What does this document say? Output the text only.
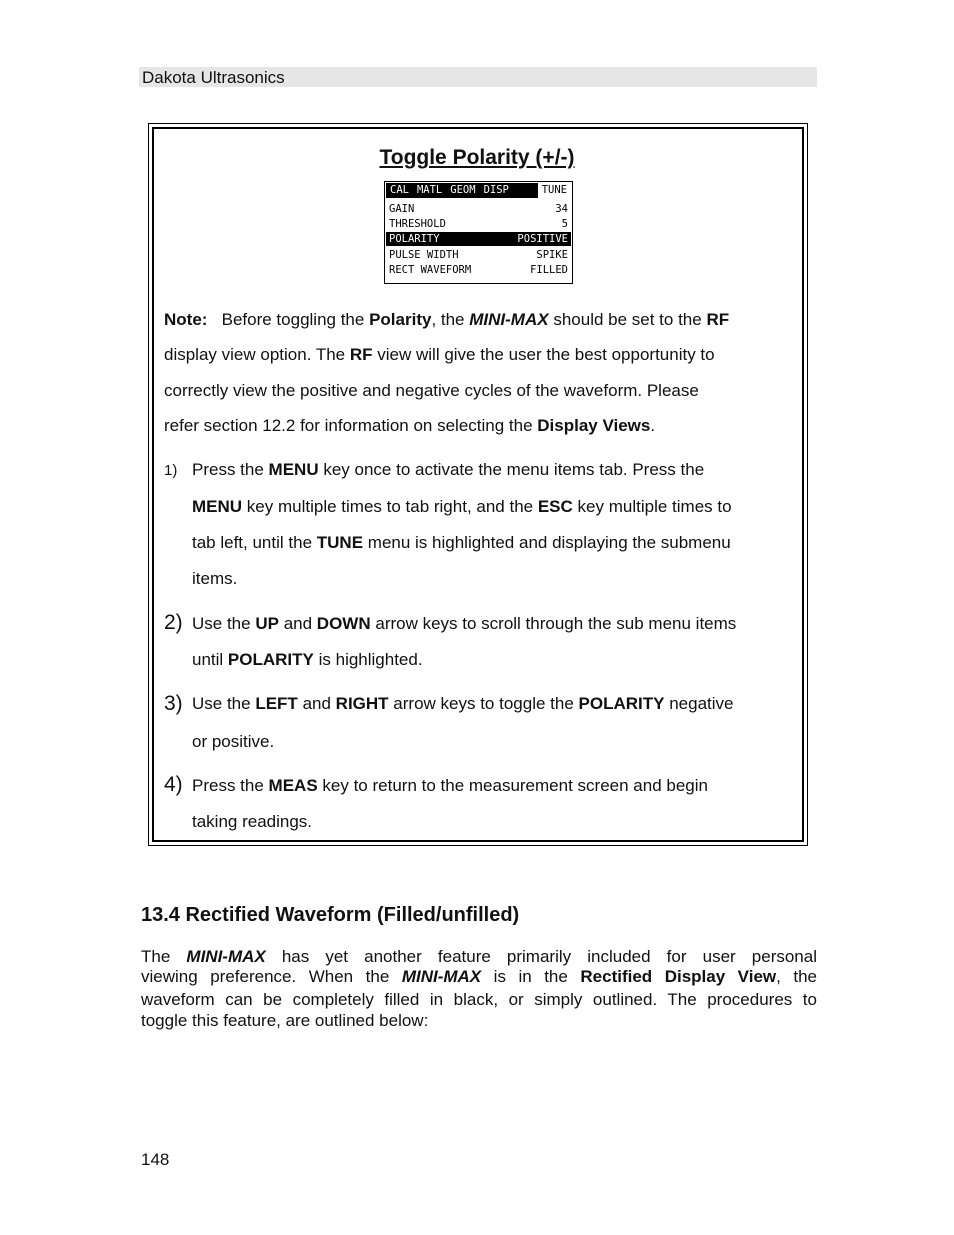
Dakota Ultrasonics
Toggle Polarity (+/-)
CAL MATL GEOM DISP	TUNE
GAIN	34
THRESHOLD	5
POLARITY	POSITIVE
PULSE WIDTH	SPIKE
RECT WAVEFORM	FILLED
Note: Before toggling the Polarity, the MINI-MAX should be set to the RF
display view option. The RF view will give the user the best opportunity to
correctly view the positive and negative cycles of the waveform. Please
refer section 12.2 for information on selecting the Display Views.
1) Press the MENU key once to activate the menu items tab. Press the
MENU key multiple times to tab right, and the ESC key multiple times to
tab left, until the TUNE menu is highlighted and displaying the submenu
items.
2) Use the UP and DOWN arrow keys to scroll through the sub menu items
until POLARITY is highlighted.
3) Use the LEFT and RIGHT arrow keys to toggle the POLARITY negative
or positive.
4) Press the MEAS key to return to the measurement screen and begin
taking readings.
13.4 Rectified Waveform (Filled/unfilled)
The MINI-MAX has yet another feature primarily included for user personal
viewing preference. When the MINI-MAX is in the Rectified Display View, the
waveform can be completely filled in black, or simply outlined. The procedures to
toggle this feature, are outlined below:
148
